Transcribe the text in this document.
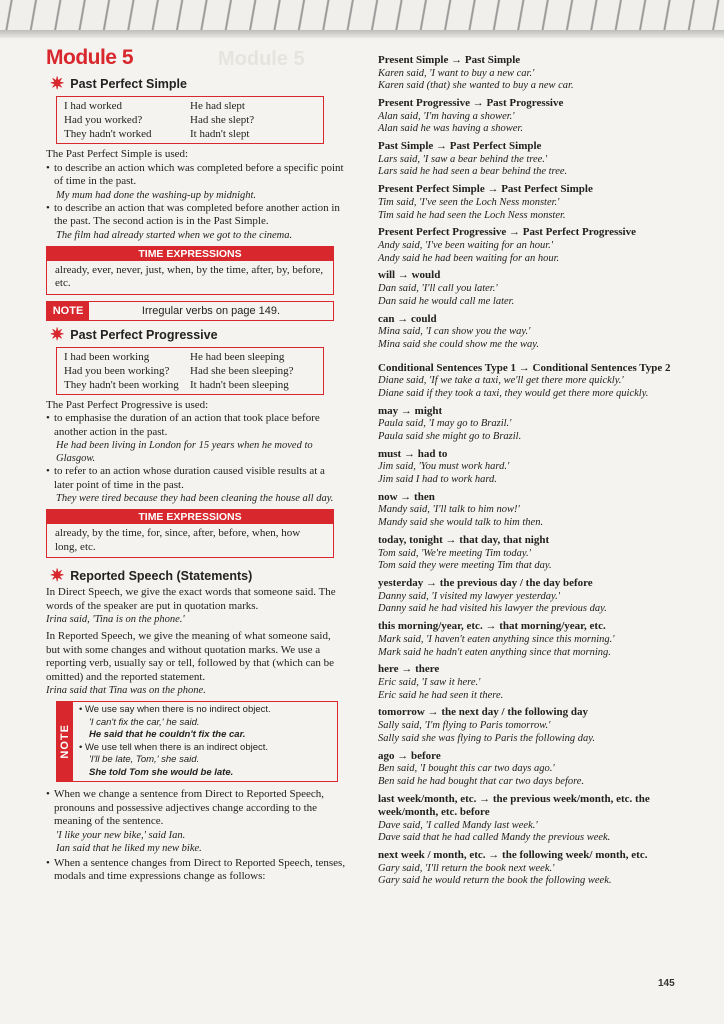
Module 5
Module 5
✷ Past Perfect Simple
I had worked	He had slept
Had you worked?	Had she slept?
They hadn't worked	It hadn't slept

The Past Perfect Simple is used:

• to describe an action which was completed before a specific point of time in the past.
My mum had done the washing-up by midnight.
• to describe an action that was completed before another action in the past. The second action is in the Past Simple.
The film had already started when we got to the cinema.
TIME EXPRESSIONS
already, ever, never, just, when, by the time, after, by, before, etc.
NOTE	Irregular verbs on page 149.
✷ Past Perfect Progressive
I had been working	He had been sleeping
Had you been working?	Had she been sleeping?
They hadn't been working	It hadn't been sleeping

The Past Perfect Progressive is used:

• to emphasise the duration of an action that took place before another action in the past.
He had been living in London for 15 years when he moved to Glasgow.
• to refer to an action whose duration caused visible results at a later point of time in the past.
They were tired because they had been cleaning the house all day.
TIME EXPRESSIONS
already, by the time, for, since, after, before, when, how long, etc.
✷ Reported Speech (Statements)

In Direct Speech, we give the exact words that someone said. The words of the speaker are put in quotation marks.

Irina said, 'Tina is on the phone.'

In Reported Speech, we give the meaning of what someone said, but with some changes and without quotation marks. We use a reporting verb, usually say or tell, followed by that (which can be omitted) and the reported statement.

Irina said that Tina was on the phone.
NOTE
• We use say when there is no indirect object.
'I can't fix the car,' he said.
He said that he couldn't fix the car.
• We use tell when there is an indirect object.
'I'll be late, Tom,' she said.
She told Tom she would be late.
• When we change a sentence from Direct to Reported Speech, pronouns and possessive adjectives change according to the meaning of the sentence.
'I like your new bike,' said Ian.
Ian said that he liked my new bike.
• When a sentence changes from Direct to Reported Speech, tenses, modals and time expressions change as follows:
Present Simple → Past Simple
Karen said, 'I want to buy a new car.'
Karen said (that) she wanted to buy a new car.
Present Progressive → Past Progressive
Alan said, 'I'm having a shower.'
Alan said he was having a shower.
Past Simple → Past Perfect Simple
Lars said, 'I saw a bear behind the tree.'
Lars said he had seen a bear behind the tree.
Present Perfect Simple → Past Perfect Simple
Tim said, 'I've seen the Loch Ness monster.'
Tim said he had seen the Loch Ness monster.
Present Perfect Progressive → Past Perfect Progressive
Andy said, 'I've been waiting for an hour.'
Andy said he had been waiting for an hour.
will → would
Dan said, 'I'll call you later.'
Dan said he would call me later.
can → could
Mina said, 'I can show you the way.'
Mina said she could show me the way.
Conditional Sentences Type 1 → Conditional Sentences Type 2
Diane said, 'If we take a taxi, we'll get there more quickly.'
Diane said if they took a taxi, they would get there more quickly.
may → might
Paula said, 'I may go to Brazil.'
Paula said she might go to Brazil.
must → had to
Jim said, 'You must work hard.'
Jim said I had to work hard.
now → then
Mandy said, 'I'll talk to him now!'
Mandy said she would talk to him then.
today, tonight → that day, that night
Tom said, 'We're meeting Tim today.'
Tom said they were meeting Tim that day.
yesterday → the previous day / the day before
Danny said, 'I visited my lawyer yesterday.'
Danny said he had visited his lawyer the previous day.
this morning/year, etc. → that morning/year, etc.
Mark said, 'I haven't eaten anything since this morning.'
Mark said he hadn't eaten anything since that morning.
here → there
Eric said, 'I saw it here.'
Eric said he had seen it there.
tomorrow → the next day / the following day
Sally said, 'I'm flying to Paris tomorrow.'
Sally said she was flying to Paris the following day.
ago → before
Ben said, 'I bought this car two days ago.'
Ben said he had bought that car two days before.
last week/month, etc. → the previous week/month, etc. the week/month, etc. before
Dave said, 'I called Mandy last week.'
Dave said that he had called Mandy the previous week.
next week / month, etc. → the following week/ month, etc.
Gary said, 'I'll return the book next week.'
Gary said he would return the book the following week.
145
